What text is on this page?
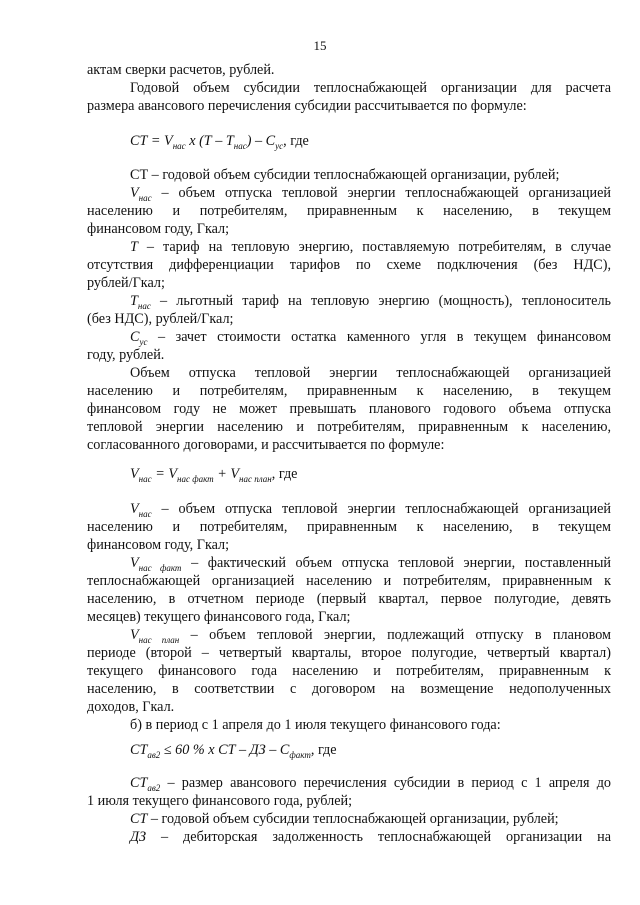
15
актам сверки расчетов, рублей.
Годовой объем субсидии теплоснабжающей организации для расчета
размера авансового перечисления субсидии рассчитывается по формуле:
СТ = $V_{нас}$ х $(Т - Т_{нас}) - С_{ус}$, где
СТ – годовой объем субсидии теплоснабжающей организации, рублей;
$V_{нас}$ – объем отпуска тепловой энергии теплоснабжающей организацией
населению и потребителям, приравненным к населению, в текущем
финансовом году, Гкал;
Т – тариф на тепловую энергию, поставляемую потребителям, в случае
отсутствия дифференциации тарифов по схеме подключения (без НДС),
рублей/Гкал;
$Т_{нас}$ – льготный тариф на тепловую энергию (мощность), теплоноситель
(без НДС), рублей/Гкал;
$С_{ус}$ – зачет стоимости остатка каменного угля в текущем финансовом
году, рублей.
Объем отпуска тепловой энергии теплоснабжающей организацией
населению и потребителям, приравненным к населению, в текущем
финансовом году не может превышать планового годового объема отпуска
тепловой энергии населению и потребителям, приравненным к населению,
согласованного договорами, и рассчитывается по формуле:
$V_{нас} = V_{нас факт} + V_{нас план}$, где
$V_{нас}$ – объем отпуска тепловой энергии теплоснабжающей организацией
населению и потребителям, приравненным к населению, в текущем
финансовом году, Гкал;
$V_{нас факт}$ – фактический объем отпуска тепловой энергии, поставленный
теплоснабжающей организацией населению и потребителям, приравненным к
населению, в отчетном периоде (первый квартал, первое полугодие, девять
месяцев) текущего финансового года, Гкал;
$V_{нас план}$ – объем тепловой энергии, подлежащий отпуску в плановом
периоде (второй – четвертый кварталы, второе полугодие, четвертый квартал)
текущего финансового года населению и потребителям, приравненным к
населению, в соответствии с договором на возмещение недополученных
доходов, Гкал.
б) в период с 1 апреля до 1 июля текущего финансового года:
$СТ_{ав2} \le 60$ % х СТ – ДЗ – $С_{факт}$, где
$СТ_{ав2}$ – размер авансового перечисления субсидии в период с 1 апреля до
1 июля текущего финансового года, рублей;
СТ – годовой объем субсидии теплоснабжающей организации, рублей;
ДЗ – дебиторская задолженность теплоснабжающей организации на
